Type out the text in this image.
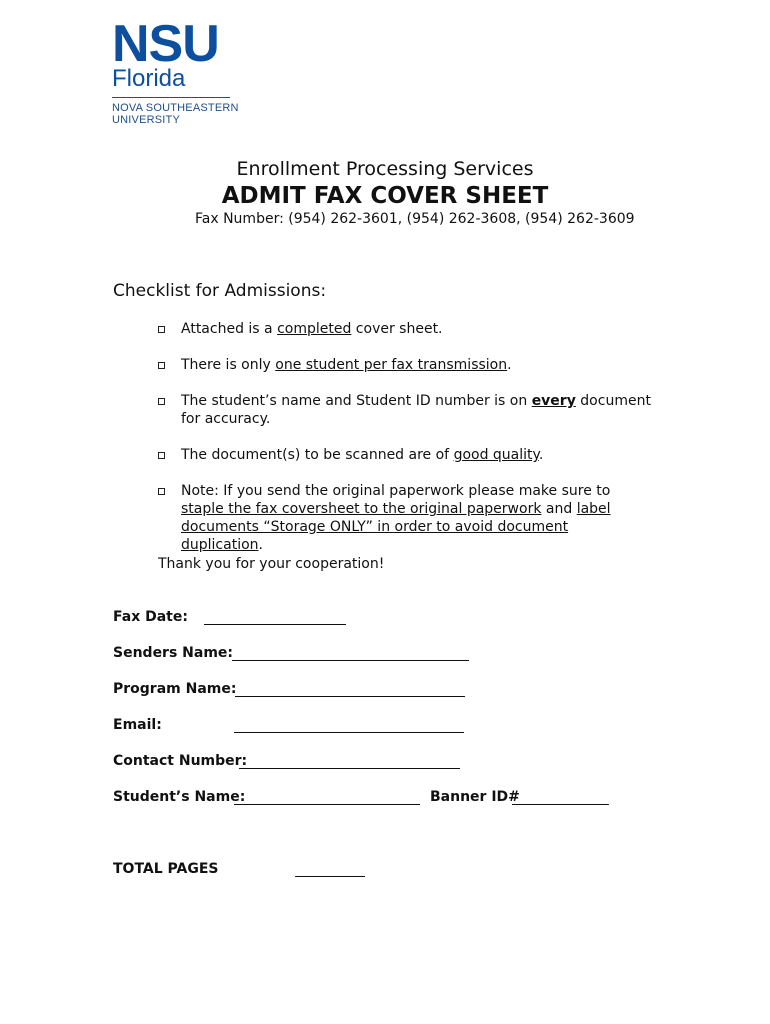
NSU
Florida
NOVA SOUTHEASTERN
UNIVERSITY
Enrollment Processing Services
ADMIT FAX COVER SHEET
Fax Number: (954) 262-3601, (954) 262-3608, (954) 262-3609
Checklist for Admissions:
Attached is a completed cover sheet.
There is only one student per fax transmission.
The student’s name and Student ID number is on every document for accuracy.
The document(s) to be scanned are of good quality.
Note: If you send the original paperwork please make sure to staple the fax coversheet to the original paperwork and label documents “Storage ONLY” in order to avoid document duplication.
Thank you for your cooperation!
Fax Date:
Senders Name:
Program Name:
Email:
Contact Number:
Student’s Name:	Banner ID#
TOTAL PAGES
